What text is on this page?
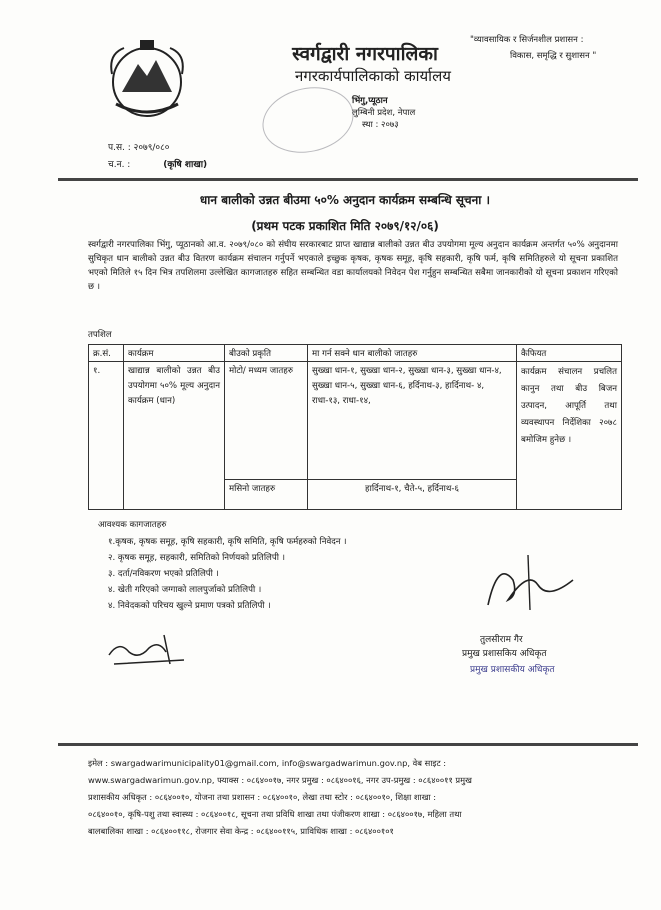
स्वर्गद्वारी नगरपालिका
नगरकार्यपालिकाको कार्यालय
भिंगु,प्यूठान
लुम्बिनी प्रदेश, नेपाल
स्था : २०७३
"व्यावसायिक र सिर्जनशील प्रशासन :
विकास, समृद्धि र सुशासन "
प.स. : २०७९/०८०
च.न. :	(कृषि शाखा)
धान बालीको उन्नत बीउमा ५०% अनुदान कार्यक्रम सम्बन्धि सूचना ।
(प्रथम पटक प्रकाशित मिति २०७९/१२/०६)
स्वर्गद्वारी नगरपालिका भिंगु, प्यूठानको आ.व. २०७९/०८० को संघीय सरकारबाट प्राप्त खाद्यान्न बालीको उन्नत बीउ उपयोगमा मूल्य अनुदान कार्यक्रम अन्तर्गत ५०% अनुदानमा सुचिकृत धान बालीको उन्नत बीउ वितरण कार्यक्रम संचालन गर्नुपर्ने भएकाले इच्छुक कृषक, कृषक समूह, कृषि सहकारी, कृषि फर्म, कृषि समितिहरुले यो सूचना प्रकाशित भएको मितिले १५ दिन भित्र तपशिलमा उल्लेखित कागजातहरु सहित सम्बन्धित वडा कार्यालयको निवेदन पेश गर्नुहुन सम्बन्धित सबैमा जानकारीको यो सूचना प्रकाशन गरिएको छ ।
तपशिल
क्र.सं.	कार्यक्रम	बीउको प्रकृति	मा गर्न सक्ने धान बालीको जातहरु	कैफियत
१.	खाद्यान्न बालीको उन्नत बीउ उपयोगमा ५०% मूल्य अनुदान कार्यक्रम (धान)	मोटो/ मध्यम जातहरु	सुख्खा धान-१, सुख्खा धान-२, सुख्खा धान-३, सुख्खा धान-४, सुख्खा धान-५, सुख्खा धान-६, हर्दिनाथ-३, हार्दिनाथ- ४, राधा-१३, राधा-१४,	कार्यक्रम संचालन प्रचलित कानुन तथा बीउ बिजन उत्पादन, आपूर्ति तथा व्यवस्थापन निर्देशिका २०७८ बमोजिम हुनेछ ।
		मसिनो जातहरु	हार्दिनाथ-१, चैते-५, हर्दिनाथ-६	
आवश्यक कागजातहरु
१.कृषक, कृषक समूह, कृषि सहकारी, कृषि समिति, कृषि फर्महरुको निवेदन ।
२. कृषक समूह, सहकारी, समितिको निर्णयको प्रतिलिपी ।
३. दर्ता/नविकरण भएको प्रतिलिपी ।
४. खेती गरिएको जग्गाको लालपुर्जाको प्रतिलिपी ।
४. निवेदकको परिचय खुल्ने प्रमाण पत्रको प्रतिलिपी ।
तुलसीराम गैर
प्रमुख प्रशासकिय अधिकृत
प्रमुख प्रशासकीय अधिकृत
इमेल : swargadwarimunicipality01@gmail.com, info@swargadwarimun.gov.np, वेब साइट :
www.swargadwarimun.gov.np, फ्याक्स : ०८६४००१७, नगर प्रमुख : ०८६४००१६, नगर उप-प्रमुख : ०८६४००११ प्रमुख
प्रशासकीय अधिकृत : ०८६४००१०, योजना तथा प्रशासन : ०८६४००१०, लेखा तथा स्टोर : ०८६४००१०, शिक्षा शाखा :
०८६४००१०, कृषि-पशु तथा स्वास्थ्य : ०८६४००१८, सूचना तथा प्रविधि शाखा तथा पंजीकरण शाखा : ०८६४००१७, महिला तथा
बालबालिका शाखा : ०८६४००११८, रोजगार सेवा केन्द्र : ०८६४००११५, प्राविधिक शाखा : ०८६४००१०१
